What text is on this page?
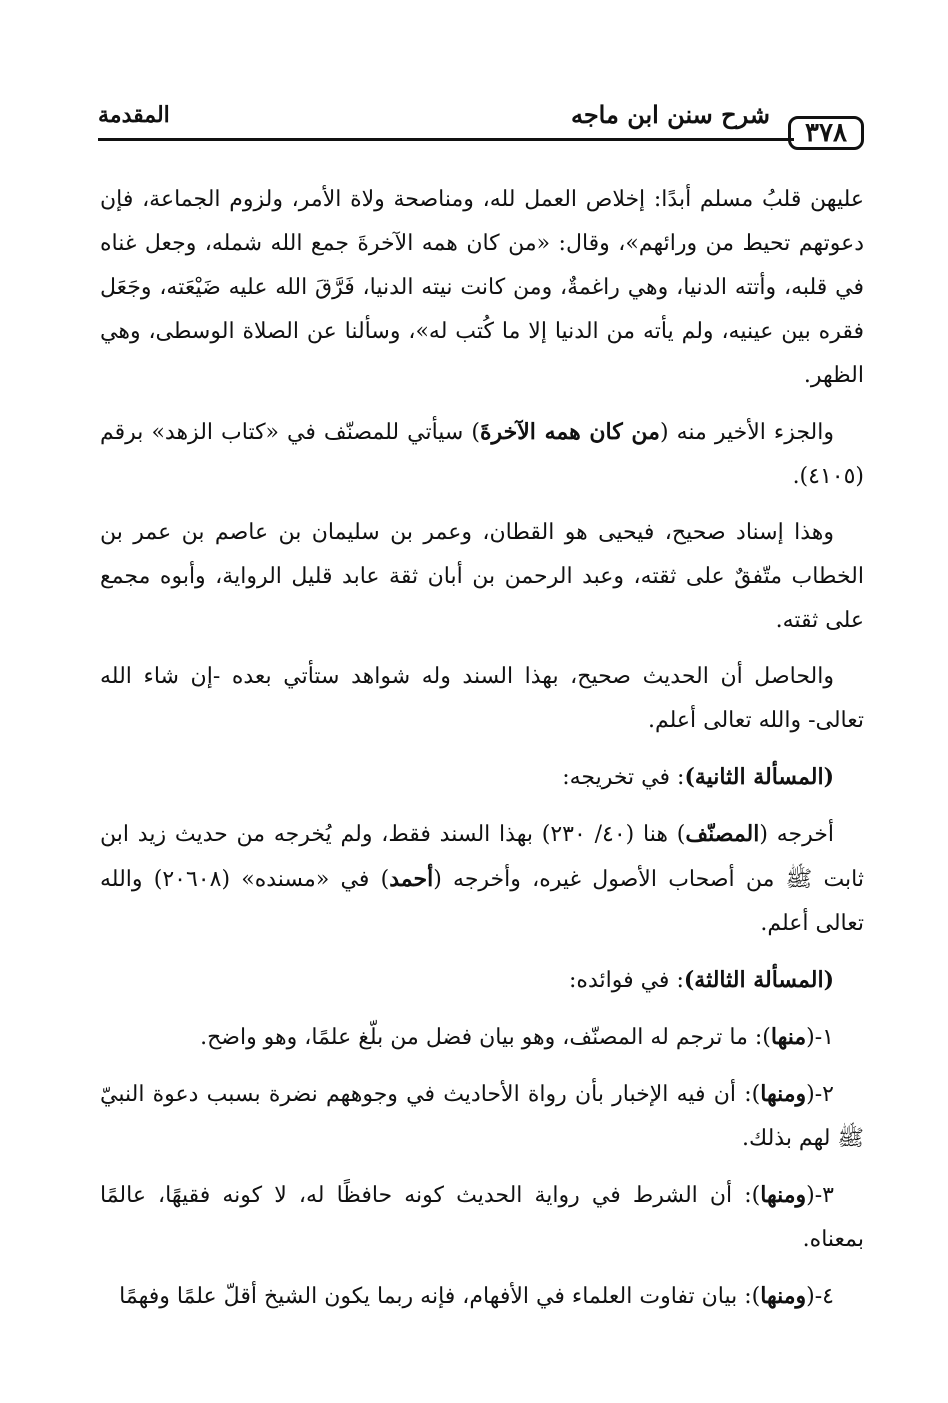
٣٧٨
شرح سنن ابن ماجه
المقدمة

عليهن قلبُ مسلم أبدًا: إخلاص العمل لله، ومناصحة ولاة الأمر، ولزوم الجماعة، فإن دعوتهم تحيط من ورائهم»، وقال: «من كان همه الآخرةَ جمع الله شمله، وجعل غناه في قلبه، وأتته الدنيا، وهي راغمةٌ، ومن كانت نيته الدنيا، فَرَّقَ الله عليه ضَيْعَته، وجَعَل فقره بين عينيه، ولم يأته من الدنيا إلا ما كُتب له»، وسألنا عن الصلاة الوسطى، وهي الظهر.

والجزء الأخير منه (من كان همه الآخرةَ) سيأتي للمصنّف في «كتاب الزهد» برقم (٤١٠٥).

وهذا إسناد صحيح، فيحيى هو القطان، وعمر بن سليمان بن عاصم بن عمر بن الخطاب متّفقٌ على ثقته، وعبد الرحمن بن أبان ثقة عابد قليل الرواية، وأبوه مجمع على ثقته.

والحاصل أن الحديث صحيح، بهذا السند وله شواهد ستأتي بعده -إن شاء الله تعالى- والله تعالى أعلم.

(المسألة الثانية): في تخريجه:

أخرجه (المصنّف) هنا (٤٠/ ٢٣٠) بهذا السند فقط، ولم يُخرجه من حديث زيد ابن ثابت ﷺ من أصحاب الأصول غيره، وأخرجه (أحمد) في «مسنده» (٢٠٦٠٨) والله تعالى أعلم.

(المسألة الثالثة): في فوائده:

١-(منها): ما ترجم له المصنّف، وهو بيان فضل من بلّغ علمًا، وهو واضح.

٢-(ومنها): أن فيه الإخبار بأن رواة الأحاديث في وجوههم نضرة بسبب دعوة النبيّ ﷺ لهم بذلك.

٣-(ومنها): أن الشرط في رواية الحديث كونه حافظًا له، لا كونه فقيهًا، عالمًا بمعناه.

٤-(ومنها): بيان تفاوت العلماء في الأفهام، فإنه ربما يكون الشيخ أقلّ علمًا وفهمًا
